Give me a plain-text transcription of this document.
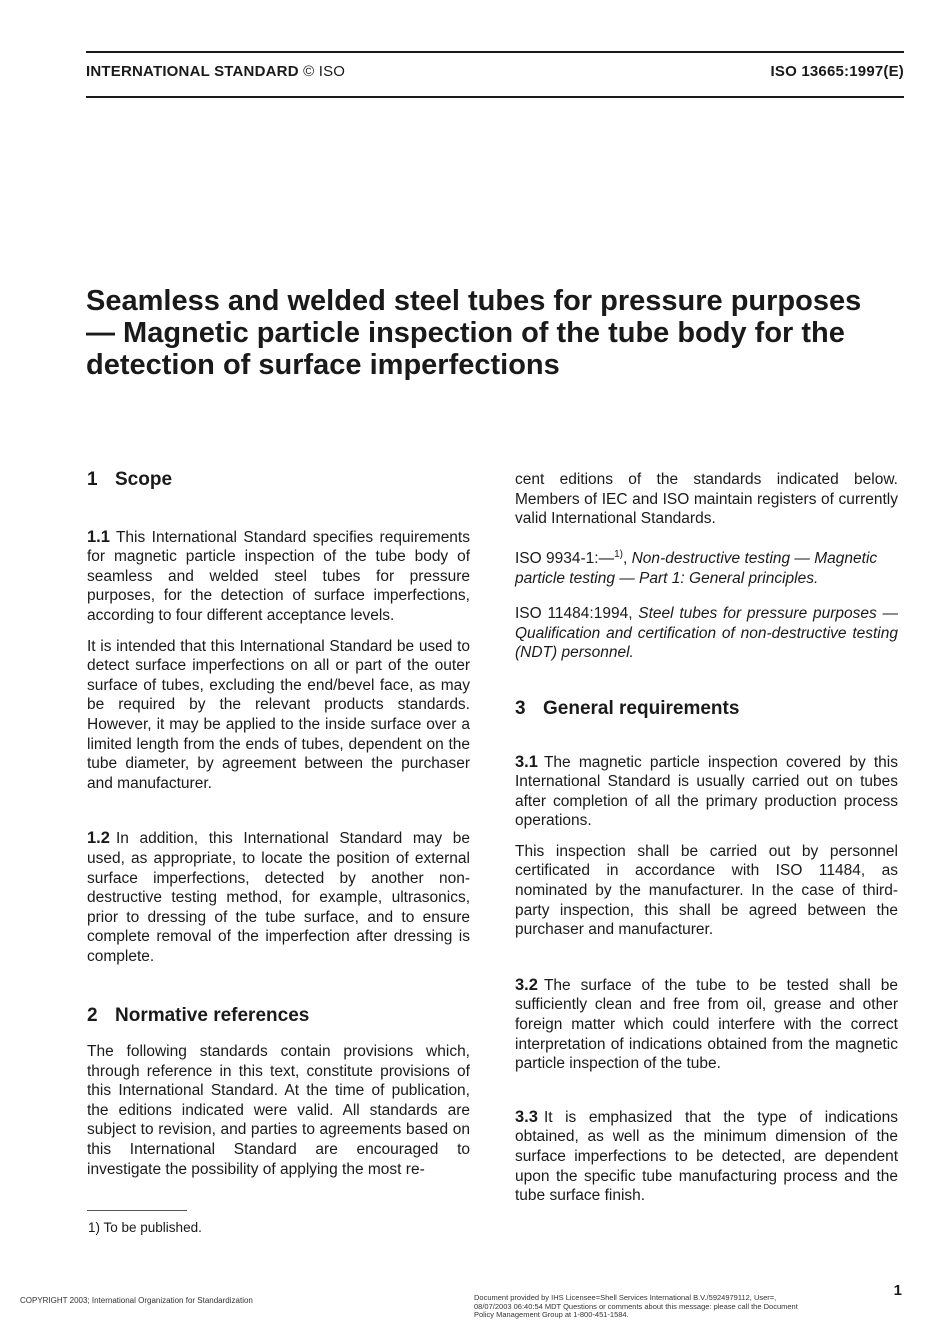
INTERNATIONAL STANDARD © ISO	ISO 13665:1997(E)
Seamless and welded steel tubes for pressure purposes — Magnetic particle inspection of the tube body for the detection of surface imperfections
1 Scope

1.1 This International Standard specifies requirements for magnetic particle inspection of the tube body of seamless and welded steel tubes for pressure purposes, for the detection of surface imperfections, according to four different acceptance levels.

It is intended that this International Standard be used to detect surface imperfections on all or part of the outer surface of tubes, excluding the end/bevel face, as may be required by the relevant products standards. However, it may be applied to the inside surface over a limited length from the ends of tubes, dependent on the tube diameter, by agreement between the purchaser and manufacturer.

1.2 In addition, this International Standard may be used, as appropriate, to locate the position of external surface imperfections, detected by another non-destructive testing method, for example, ultrasonics, prior to dressing of the tube surface, and to ensure complete removal of the imperfection after dressing is complete.

2 Normative references

The following standards contain provisions which, through reference in this text, constitute provisions of this International Standard. At the time of publication, the editions indicated were valid. All standards are subject to revision, and parties to agreements based on this International Standard are encouraged to investigate the possibility of applying the most re-

cent editions of the standards indicated below. Members of IEC and ISO maintain registers of currently valid International Standards.

ISO 9934-1:—$^{1)}$, Non-destructive testing — Magnetic particle testing — Part 1: General principles.

ISO 11484:1994, Steel tubes for pressure purposes — Qualification and certification of non-destructive testing (NDT) personnel.

3 General requirements

3.1 The magnetic particle inspection covered by this International Standard is usually carried out on tubes after completion of all the primary production process operations.

This inspection shall be carried out by personnel certificated in accordance with ISO 11484, as nominated by the manufacturer. In the case of third-party inspection, this shall be agreed between the purchaser and manufacturer.

3.2 The surface of the tube to be tested shall be sufficiently clean and free from oil, grease and other foreign matter which could interfere with the correct interpretation of indications obtained from the magnetic particle inspection of the tube.

3.3 It is emphasized that the type of indications obtained, as well as the minimum dimension of the surface imperfections to be detected, are dependent upon the specific tube manufacturing process and the tube surface finish.

1) To be published.
1
COPYRIGHT 2003; International Organization for Standardization	Document provided by IHS Licensee=Shell Services International B.V./5924979112, User=, 08/07/2003 06:40:54 MDT Questions or comments about this message: please call the Document Policy Management Group at 1-800-451-1584.
